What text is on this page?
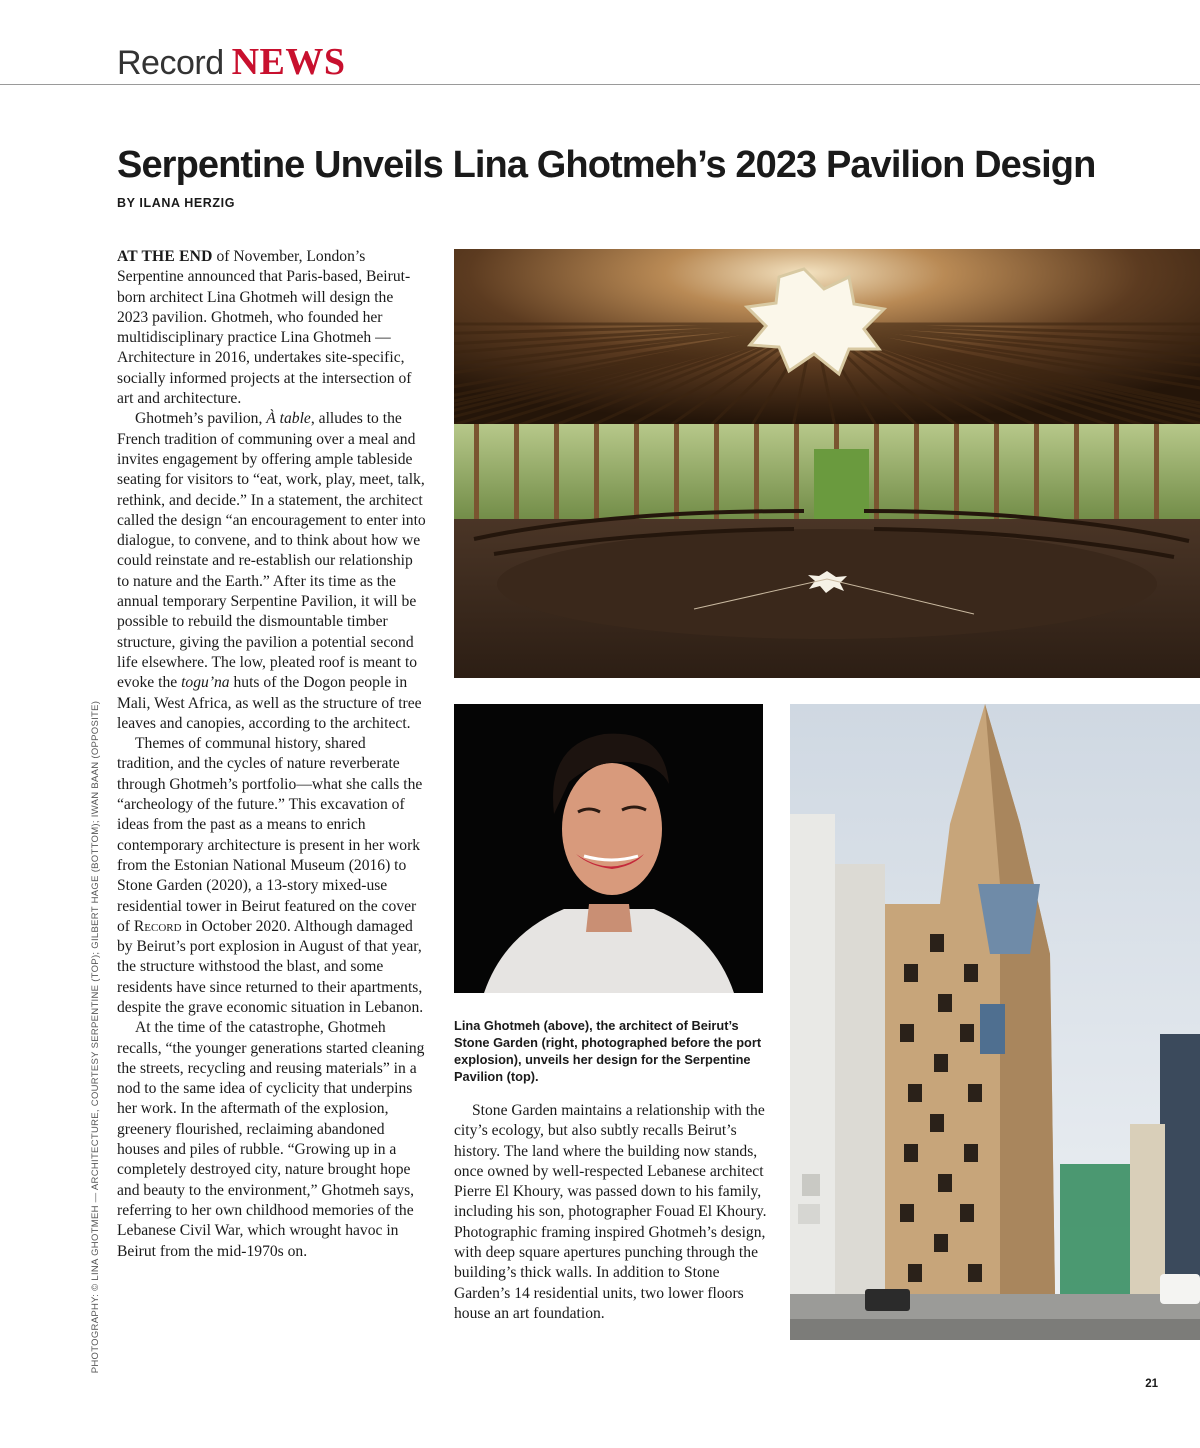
Record NEWS
Serpentine Unveils Lina Ghotmeh’s 2023 Pavilion Design
BY ILANA HERZIG
PHOTOGRAPHY: © LINA GHOTMEH — ARCHITECTURE, COURTESY SERPENTINE (TOP); GILBERT HAGE (BOTTOM); IWAN BAAN (OPPOSITE)

AT THE END of November, London’s Serpentine announced that Paris-based, Beirut-born architect Lina Ghotmeh will design the 2023 pavilion. Ghotmeh, who founded her multidisciplinary practice Lina Ghotmeh — Architecture in 2016, undertakes site-specific, socially informed projects at the intersection of art and architecture.

Ghotmeh’s pavilion, À table, alludes to the French tradition of communing over a meal and invites engagement by offering ample tableside seating for visitors to “eat, work, play, meet, talk, rethink, and decide.” In a statement, the architect called the design “an encouragement to enter into dialogue, to convene, and to think about how we could reinstate and re-establish our relationship to nature and the Earth.” After its time as the annual temporary Serpentine Pavilion, it will be possible to rebuild the dismountable timber structure, giving the pavilion a potential second life elsewhere. The low, pleated roof is meant to evoke the togu’na huts of the Dogon people in Mali, West Africa, as well as the structure of tree leaves and canopies, according to the architect.

Themes of communal history, shared tradition, and the cycles of nature reverberate through Ghotmeh’s portfolio—what she calls the “archeology of the future.” This excavation of ideas from the past as a means to enrich contemporary architecture is present in her work from the Estonian National Museum (2016) to Stone Garden (2020), a 13-story mixed-use residential tower in Beirut featured on the cover of Record in October 2020. Although damaged by Beirut’s port explosion in August of that year, the structure withstood the blast, and some residents have since returned to their apartments, despite the grave economic situation in Lebanon.

At the time of the catastrophe, Ghotmeh recalls, “the younger generations started cleaning the streets, recycling and reusing materials” in a nod to the same idea of cyclicity that underpins her work. In the aftermath of the explosion, greenery flourished, reclaiming abandoned houses and piles of rubble. “Growing up in a completely destroyed city, nature brought hope and beauty to the environment,” Ghotmeh says, referring to her own childhood memories of the Lebanese Civil War, which wrought havoc in Beirut from the mid-1970s on.

Lina Ghotmeh (above), the architect of Beirut’s Stone Garden (right, photographed before the port explosion), unveils her design for the Serpentine Pavilion (top).

Stone Garden maintains a relationship with the city’s ecology, but also subtly recalls Beirut’s history. The land where the building now stands, once owned by well-respected Lebanese architect Pierre El Khoury, was passed down to his family, including his son, photographer Fouad El Khoury. Photographic framing inspired Ghotmeh’s design, with deep square apertures punching through the building’s thick walls. In addition to Stone Garden’s 14 residential units, two lower floors house an art foundation.

21
